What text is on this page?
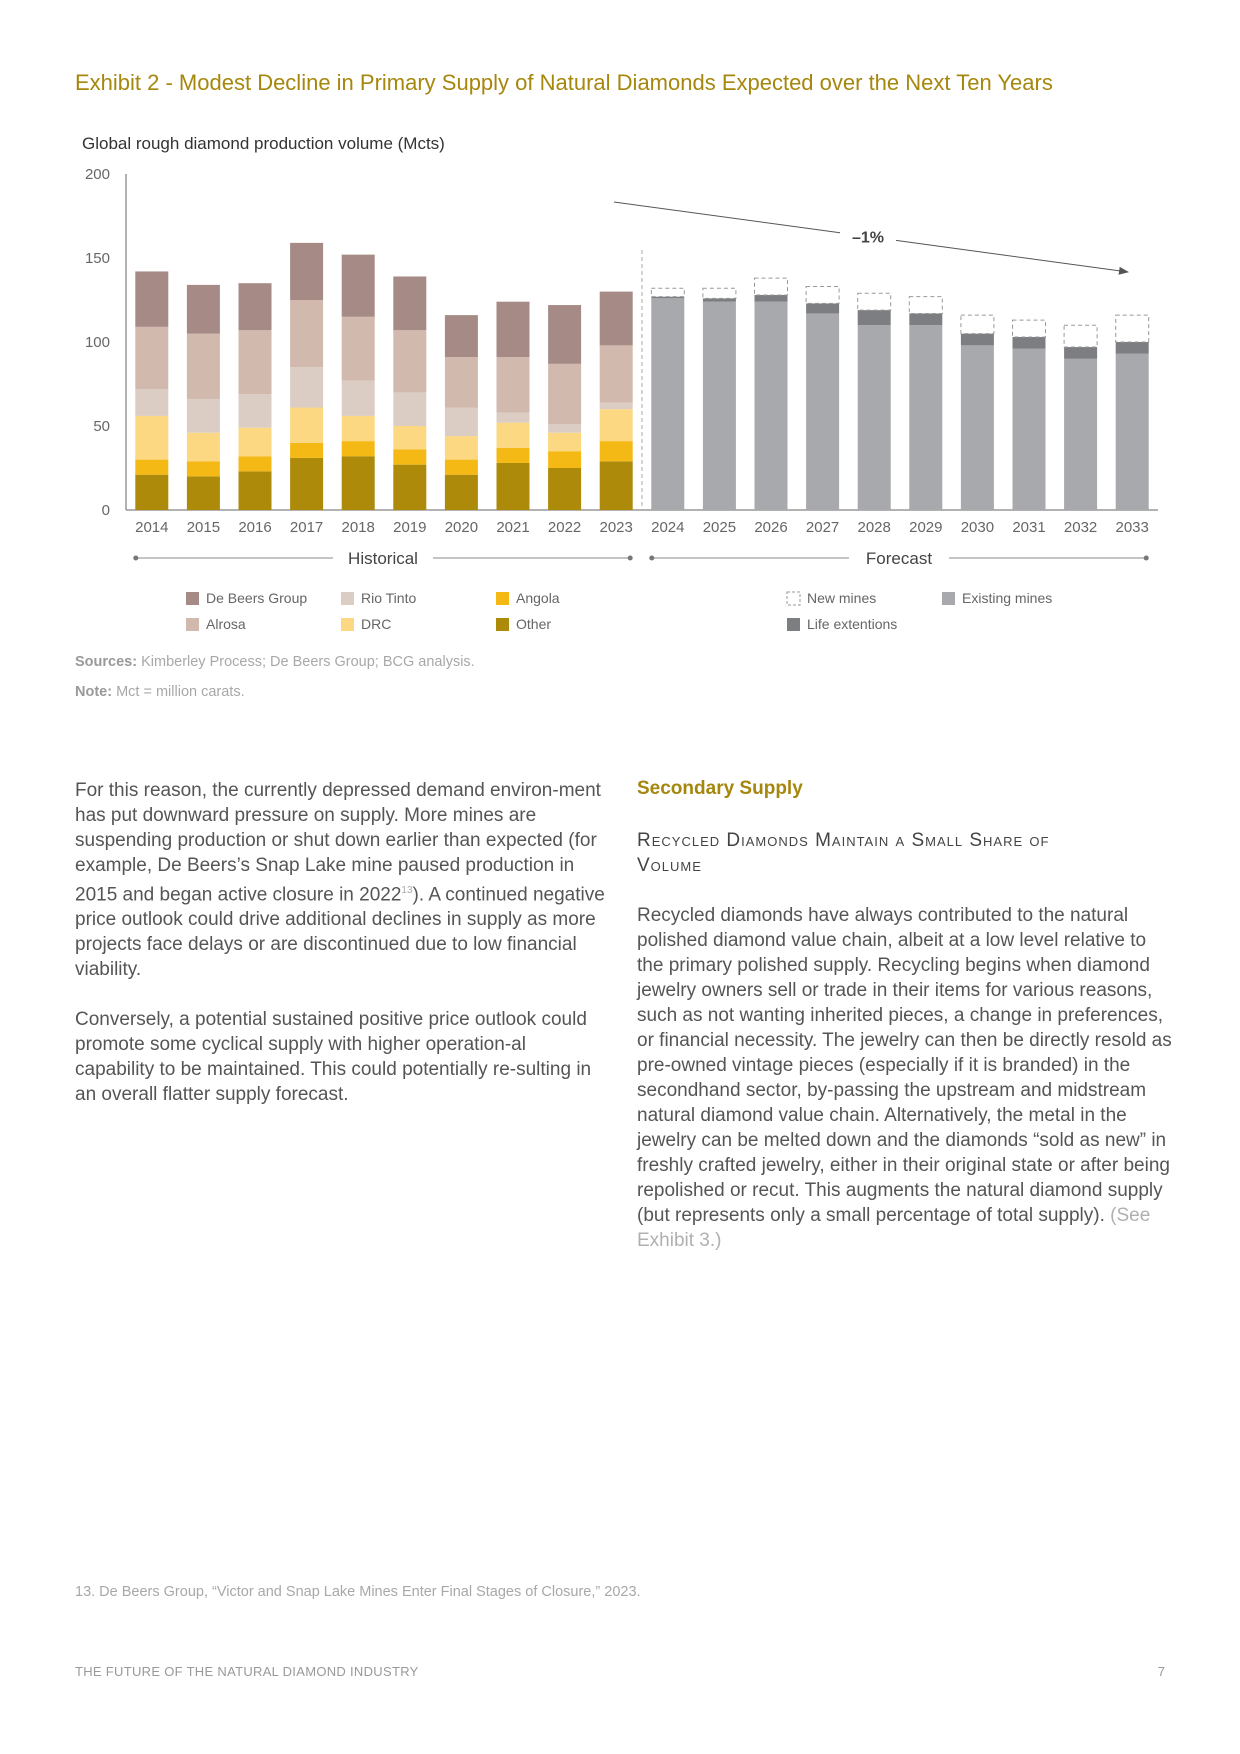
Exhibit 2 - Modest Decline in Primary Supply of Natural Diamonds Expected over the Next Ten Years
Global rough diamond production volume (Mcts)
0
50
100
150
200
2014 2015 2016 2017 2018 2019 2020 2021 2022 2023 2024 2025 2026 2027 2028 2029 2030 2031 2032 2033
Historical	Forecast
–1%
De Beers Group	Rio Tinto	Angola
Alrosa	DRC	Other
New mines	Existing mines
Life extentions
Sources: Kimberley Process; De Beers Group; BCG analysis.
Note: Mct = million carats.

For this reason, the currently depressed demand environ-ment has put downward pressure on supply. More mines are suspending production or shut down earlier than expected (for example, De Beers’s Snap Lake mine paused production in 2015 and began active closure in 2022$^{13}$). A continued negative price outlook could drive additional declines in supply as more projects face delays or are discontinued due to low financial viability.

Conversely, a potential sustained positive price outlook could promote some cyclical supply with higher operation-al capability to be maintained. This could potentially re-sulting in an overall flatter supply forecast.

Secondary Supply
Recycled Diamonds Maintain a Small Share of Volume

Recycled diamonds have always contributed to the natural polished diamond value chain, albeit at a low level relative to the primary polished supply. Recycling begins when diamond jewelry owners sell or trade in their items for various reasons, such as not wanting inherited pieces, a change in preferences, or financial necessity. The jewelry can then be directly resold as pre-owned vintage pieces (especially if it is branded) in the secondhand sector, by-passing the upstream and midstream natural diamond value chain. Alternatively, the metal in the jewelry can be melted down and the diamonds “sold as new” in freshly crafted jewelry, either in their original state or after being repolished or recut. This augments the natural diamond supply (but represents only a small percentage of total supply). (See Exhibit 3.)

13. De Beers Group, “Victor and Snap Lake Mines Enter Final Stages of Closure,” 2023.
THE FUTURE OF THE NATURAL DIAMOND INDUSTRY	7
